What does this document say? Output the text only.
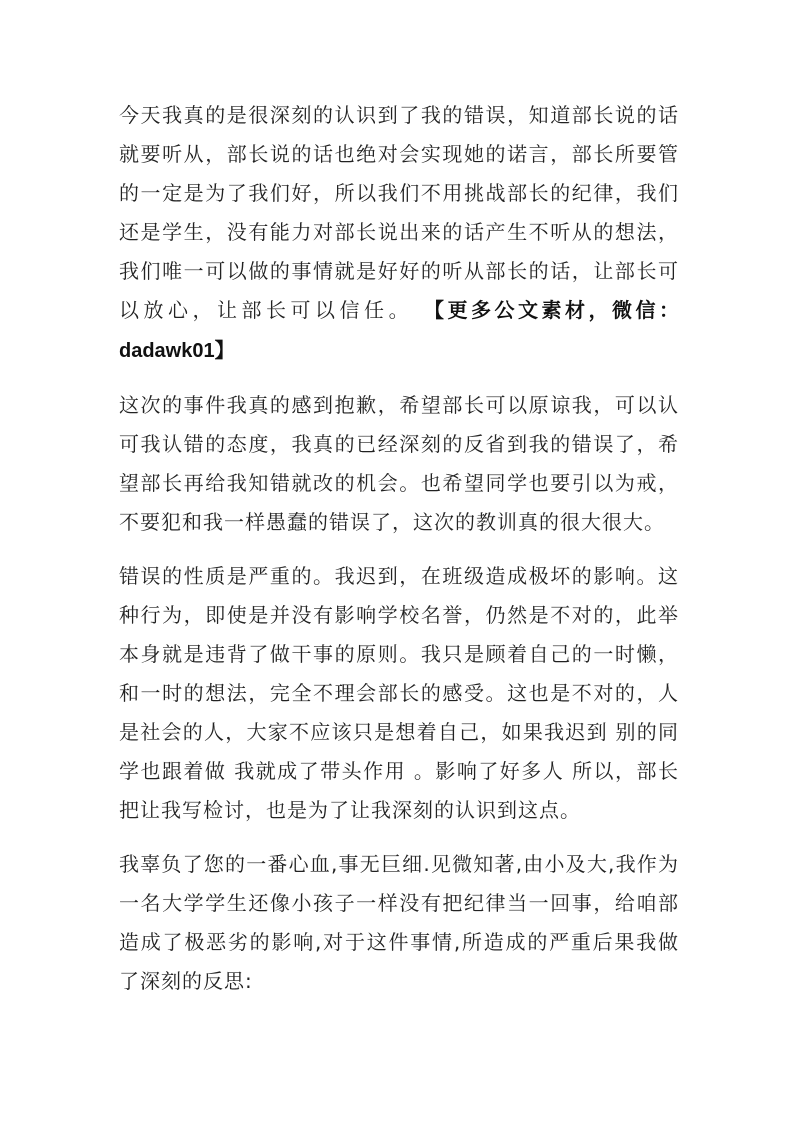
今天我真的是很深刻的认识到了我的错误，知道部长说的话就要听从，部长说的话也绝对会实现她的诺言，部长所要管的一定是为了我们好，所以我们不用挑战部长的纪律，我们还是学生，没有能力对部长说出来的话产生不听从的想法，我们唯一可以做的事情就是好好的听从部长的话，让部长可以放心，让部长可以信任。 【更多公文素材，微信：dadawk01】

这次的事件我真的感到抱歉，希望部长可以原谅我，可以认可我认错的态度，我真的已经深刻的反省到我的错误了，希望部长再给我知错就改的机会。也希望同学也要引以为戒，不要犯和我一样愚蠢的错误了，这次的教训真的很大很大。

错误的性质是严重的。我迟到，在班级造成极坏的影响。这种行为，即使是并没有影响学校名誉，仍然是不对的，此举本身就是违背了做干事的原则。我只是顾着自己的一时懒，和一时的想法，完全不理会部长的感受。这也是不对的，人是社会的人，大家不应该只是想着自己，如果我迟到 别的同学也跟着做 我就成了带头作用 。影响了好多人 所以，部长把让我写检讨，也是为了让我深刻的认识到这点。

我辜负了您的一番心血,事无巨细.见微知著,由小及大,我作为一名大学学生还像小孩子一样没有把纪律当一回事，给咱部造成了极恶劣的影响,对于这件事情,所造成的严重后果我做了深刻的反思:
